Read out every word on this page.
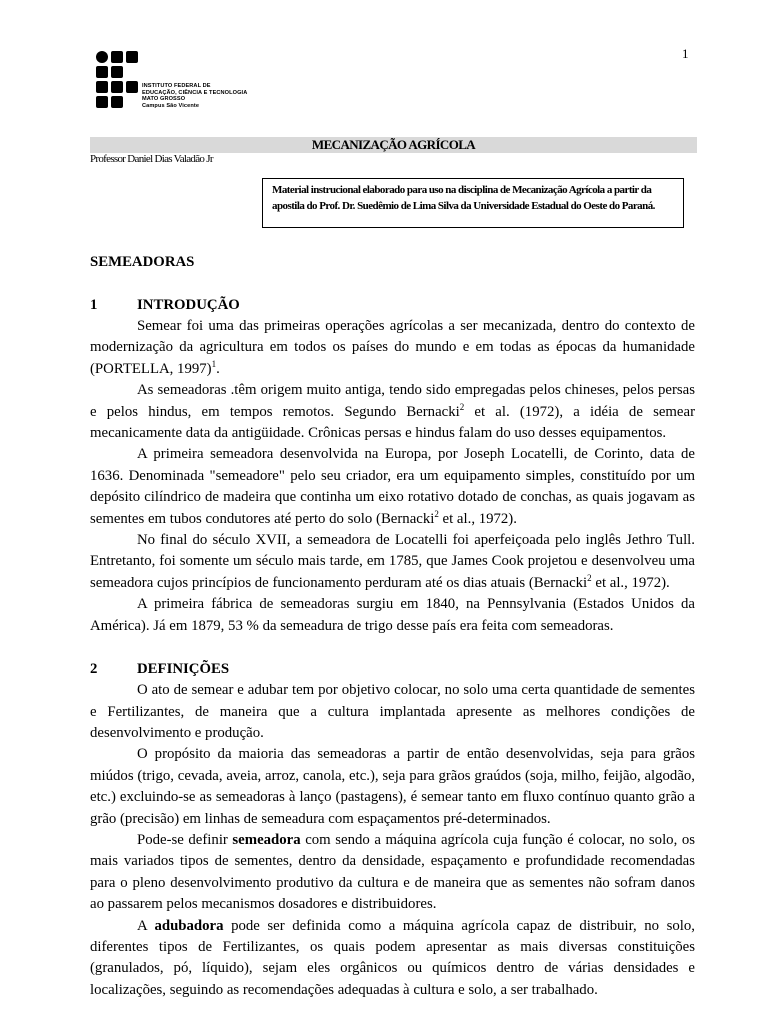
1
INSTITUTO FEDERAL DE
EDUCAÇÃO, CIÊNCIA E TECNOLOGIA
MATO GROSSO
Campus São Vicente
MECANIZAÇÃO AGRÍCOLA
Professor Daniel Dias Valadão Jr
Material instrucional elaborado para uso na disciplina de Mecanização Agrícola a partir da apostila do Prof. Dr. Suedêmio de Lima Silva da Universidade Estadual do Oeste do Paraná.
SEMEADORAS
1	INTRODUÇÃO

Semear foi uma das primeiras operações agrícolas a ser mecanizada, dentro do contexto de modernização da agricultura em todos os países do mundo e em todas as épocas da humanidade (PORTELLA, 1997)$^1$.

As semeadoras .têm origem muito antiga, tendo sido empregadas pelos chineses, pelos persas e pelos hindus, em tempos remotos. Segundo Bernacki$^2$ et al. (1972), a idéia de semear mecanicamente data da antigüidade. Crônicas persas e hindus falam do uso desses equipamentos.

A primeira semeadora desenvolvida na Europa, por Joseph Locatelli, de Corinto, data de 1636. Denominada "semeadore" pelo seu criador, era um equipamento simples, constituído por um depósito cilíndrico de madeira que continha um eixo rotativo dotado de conchas, as quais jogavam as sementes em tubos condutores até perto do solo (Bernacki$^2$ et al., 1972).

No final do século XVII, a semeadora de Locatelli foi aperfeiçoada pelo inglês Jethro Tull. Entretanto, foi somente um século mais tarde, em 1785, que James Cook projetou e desenvolveu uma semeadora cujos princípios de funcionamento perduram até os dias atuais (Bernacki$^2$ et al., 1972).

A primeira fábrica de semeadoras surgiu em 1840, na Pennsylvania (Estados Unidos da América). Já em 1879, 53 % da semeadura de trigo desse país era feita com semeadoras.

2	DEFINIÇÕES

O ato de semear e adubar tem por objetivo colocar, no solo uma certa quantidade de sementes e Fertilizantes, de maneira que a cultura implantada apresente as melhores condições de desenvolvimento e produção.

O propósito da maioria das semeadoras a partir de então desenvolvidas, seja para grãos miúdos (trigo, cevada, aveia, arroz, canola, etc.), seja para grãos graúdos (soja, milho, feijão, algodão, etc.) excluindo-se as semeadoras à lanço (pastagens), é semear tanto em fluxo contínuo quanto grão a grão (precisão) em linhas de semeadura com espaçamentos pré-determinados.

Pode-se definir semeadora com sendo a máquina agrícola cuja função é colocar, no solo, os mais variados tipos de sementes, dentro da densidade, espaçamento e profundidade recomendadas para o pleno desenvolvimento produtivo da cultura e de maneira que as sementes não sofram danos ao passarem pelos mecanismos dosadores e distribuidores.

A adubadora pode ser definida como a máquina agrícola capaz de distribuir, no solo, diferentes tipos de Fertilizantes, os quais podem apresentar as mais diversas constituições (granulados, pó, líquido), sejam eles orgânicos ou químicos dentro de várias densidades e localizações, seguindo as recomendações adequadas à cultura e solo, a ser trabalhado.
